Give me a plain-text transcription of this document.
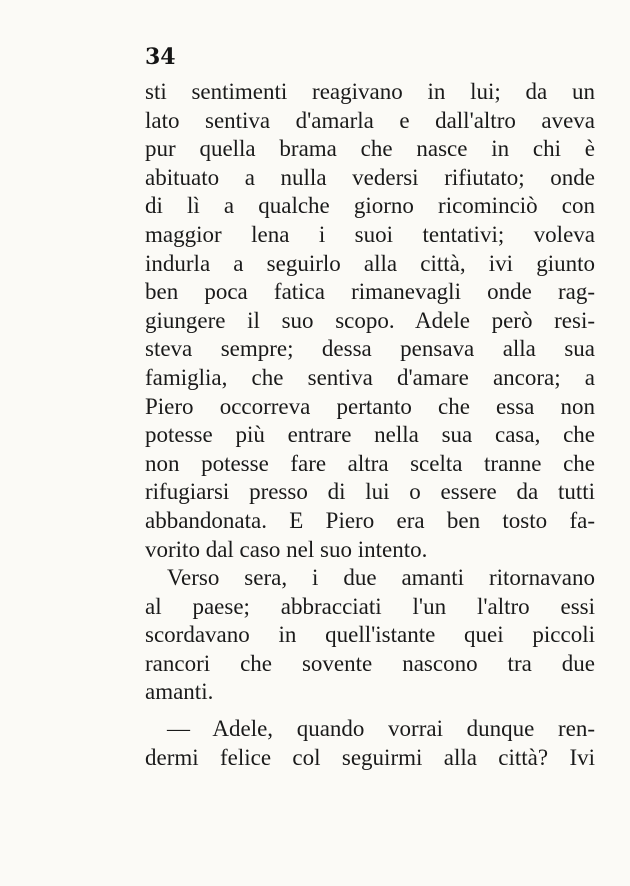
34
sti sentimenti reagivano in lui; da un
lato sentiva d'amarla e dall'altro aveva
pur quella brama che nasce in chi è
abituato a nulla vedersi rifiutato; onde
di lì a qualche giorno ricominciò con
maggior lena i suoi tentativi; voleva
indurla a seguirlo alla città, ivi giunto
ben poca fatica rimanevagli onde rag-
giungere il suo scopo. Adele però resi-
steva sempre; dessa pensava alla sua
famiglia, che sentiva d'amare ancora; a
Piero occorreva pertanto che essa non
potesse più entrare nella sua casa, che
non potesse fare altra scelta tranne che
rifugiarsi presso di lui o essere da tutti
abbandonata. E Piero era ben tosto fa-
vorito dal caso nel suo intento.
Verso sera, i due amanti ritornavano
al paese; abbracciati l'un l'altro essi
scordavano in quell'istante quei piccoli
rancori che sovente nascono tra due
amanti.
— Adele, quando vorrai dunque ren-
dermi felice col seguirmi alla città? Ivi
